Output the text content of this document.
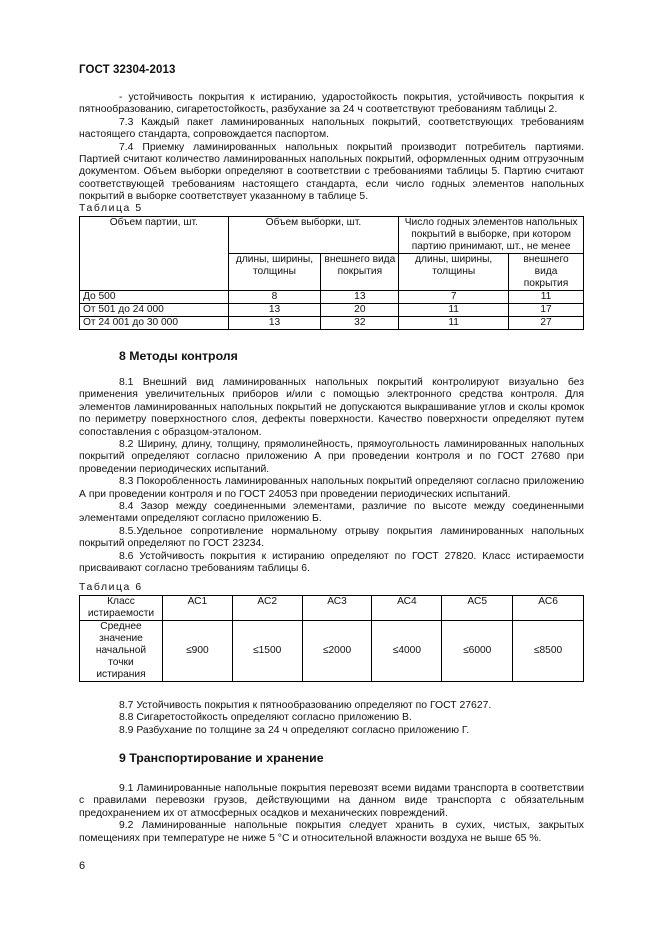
ГОСТ 32304-2013

- устойчивость покрытия к истиранию, ударостойкость покрытия, устойчивость покрытия к пятнообразованию, сигаретостойкость, разбухание за 24 ч соответствуют требованиям таблицы 2.

7.3 Каждый пакет ламинированных напольных покрытий, соответствующих требованиям настоящего стандарта, сопровождается паспортом.

7.4 Приемку ламинированных напольных покрытий производит потребитель партиями. Партией считают количество ламинированных напольных покрытий, оформленных одним отгрузочным документом. Объем выборки определяют в соответствии с требованиями таблицы 5. Партию считают соответствующей требованиям настоящего стандарта, если число годных элементов напольных покрытий в выборке соответствует указанному в таблице 5.

Таблица 5
Объем партии, шт.	Объем выборки, шт.		Число годных элементов напольных покрытий в выборке, при котором партию принимают, шт., не менее	
	длины, ширины, толщины	внешнего вида покрытия	длины, ширины, толщины	внешнего вида покрытия
До 500	8	13	7	11
От 501 до 24 000	13	20	11	17
От 24 001 до 30 000	13	32	11	27
8 Методы контроля

8.1 Внешний вид ламинированных напольных покрытий контролируют визуально без применения увеличительных приборов и/или с помощью электронного средства контроля. Для элементов ламинированных напольных покрытий не допускаются выкрашивание углов и сколы кромок по периметру поверхностного слоя, дефекты поверхности. Качество поверхности определяют путем сопоставления с образцом-эталоном.

8.2 Ширину, длину, толщину, прямолинейность, прямоугольность ламинированных напольных покрытий определяют согласно приложению А при проведении контроля и по ГОСТ 27680 при проведении периодических испытаний.

8.3 Покоробленность ламинированных напольных покрытий определяют согласно приложению А при проведении контроля и по ГОСТ 24053 при проведении периодических испытаний.

8.4 Зазор между соединенными элементами, различие по высоте между соединенными элементами определяют согласно приложению Б.

8.5.Удельное сопротивление нормальному отрыву покрытия ламинированных напольных покрытий определяют по ГОСТ 23234.

8.6 Устойчивость покрытия к истиранию определяют по ГОСТ 27820. Класс истираемости присваивают согласно требованиям таблицы 6.

Таблица 6
Класс истираемости	АС1	АС2	АС3	АС4	АС5	АС6
Среднее значение начальной точки истирания	≤900	≤1500	≤2000	≤4000	≤6000	≤8500

8.7 Устойчивость покрытия к пятнообразованию определяют по ГОСТ 27627.

8.8 Сигаретостойкость определяют согласно приложению В.

8.9 Разбухание по толщине за 24 ч определяют согласно приложению Г.

9 Транспортирование и хранение

9.1 Ламинированные напольные покрытия перевозят всеми видами транспорта в соответствии с правилами перевозки грузов, действующими на данном виде транспорта с обязательным предохранением их от атмосферных осадков и механических повреждений.

9.2 Ламинированные напольные покрытия следует хранить в сухих, чистых, закрытых помещениях при температуре не ниже 5 °С и относительной влажности воздуха не выше 65 %.

6
